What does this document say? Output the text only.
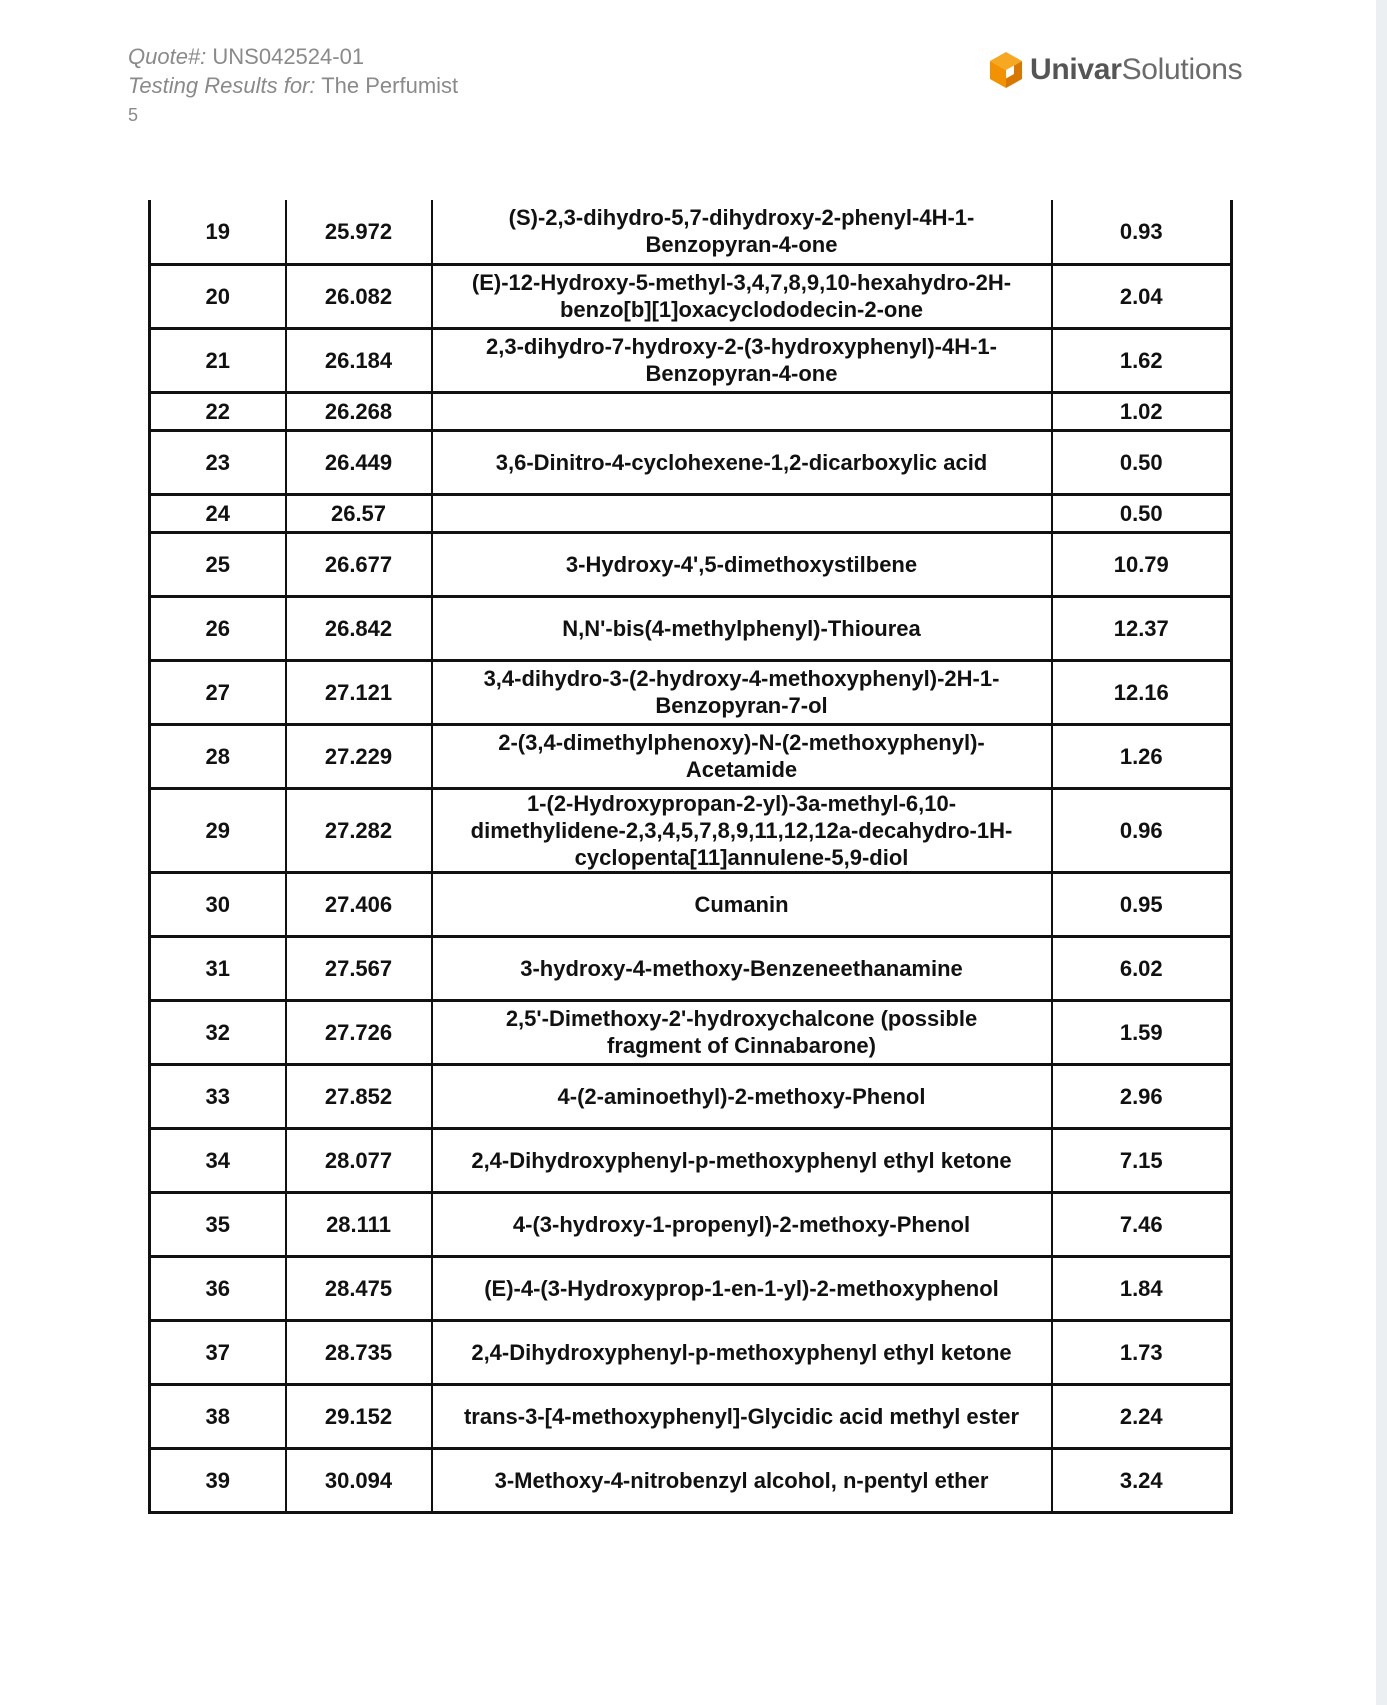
Quote#: UNS042524-01
Testing Results for: The Perfumist
5
UnivarSolutions
19	25.972	(S)-2,3-dihydro-5,7-dihydroxy-2-phenyl-4H-1-
Benzopyran-4-one	0.93
20	26.082	(E)-12-Hydroxy-5-methyl-3,4,7,8,9,10-hexahydro-2H-
benzo[b][1]oxacyclododecin-2-one	2.04
21	26.184	2,3-dihydro-7-hydroxy-2-(3-hydroxyphenyl)-4H-1-
Benzopyran-4-one	1.62
22	26.268		1.02
23	26.449	3,6-Dinitro-4-cyclohexene-1,2-dicarboxylic acid	0.50
24	26.57		0.50
25	26.677	3-Hydroxy-4',5-dimethoxystilbene	10.79
26	26.842	N,N'-bis(4-methylphenyl)-Thiourea	12.37
27	27.121	3,4-dihydro-3-(2-hydroxy-4-methoxyphenyl)-2H-1-
Benzopyran-7-ol	12.16
28	27.229	2-(3,4-dimethylphenoxy)-N-(2-methoxyphenyl)-
Acetamide	1.26
29	27.282	1-(2-Hydroxypropan-2-yl)-3a-methyl-6,10-
dimethylidene-2,3,4,5,7,8,9,11,12,12a-decahydro-1H-
cyclopenta[11]annulene-5,9-diol	0.96
30	27.406	Cumanin	0.95
31	27.567	3-hydroxy-4-methoxy-Benzeneethanamine	6.02
32	27.726	2,5'-Dimethoxy-2'-hydroxychalcone (possible
fragment of Cinnabarone)	1.59
33	27.852	4-(2-aminoethyl)-2-methoxy-Phenol	2.96
34	28.077	2,4-Dihydroxyphenyl-p-methoxyphenyl ethyl ketone	7.15
35	28.111	4-(3-hydroxy-1-propenyl)-2-methoxy-Phenol	7.46
36	28.475	(E)-4-(3-Hydroxyprop-1-en-1-yl)-2-methoxyphenol	1.84
37	28.735	2,4-Dihydroxyphenyl-p-methoxyphenyl ethyl ketone	1.73
38	29.152	trans-3-[4-methoxyphenyl]-Glycidic acid methyl ester	2.24
39	30.094	3-Methoxy-4-nitrobenzyl alcohol, n-pentyl ether	3.24
